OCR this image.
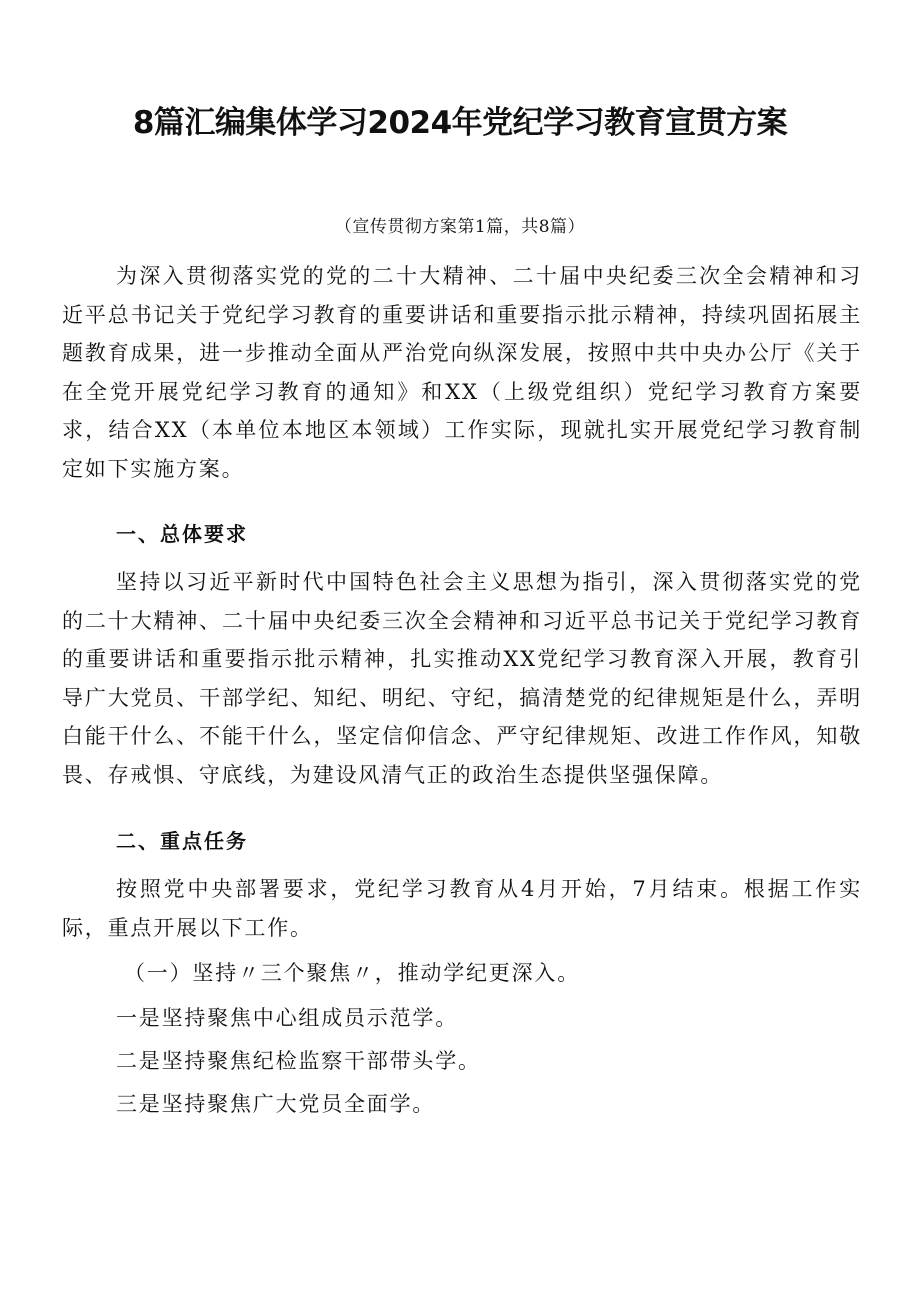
8篇汇编集体学习2024年党纪学习教育宣贯方案
（宣传贯彻方案第1篇，共8篇）

为深入贯彻落实党的党的二十大精神、二十届中央纪委三次全会精神和习近平总书记关于党纪学习教育的重要讲话和重要指示批示精神，持续巩固拓展主题教育成果，进一步推动全面从严治党向纵深发展，按照中共中央办公厅《关于在全党开展党纪学习教育的通知》和XX（上级党组织）党纪学习教育方案要求，结合XX（本单位本地区本领域）工作实际，现就扎实开展党纪学习教育制定如下实施方案。

一、总体要求

坚持以习近平新时代中国特色社会主义思想为指引，深入贯彻落实党的党的二十大精神、二十届中央纪委三次全会精神和习近平总书记关于党纪学习教育的重要讲话和重要指示批示精神，扎实推动XX党纪学习教育深入开展，教育引导广大党员、干部学纪、知纪、明纪、守纪，搞清楚党的纪律规矩是什么，弄明白能干什么、不能干什么，坚定信仰信念、严守纪律规矩、改进工作作风，知敬畏、存戒惧、守底线，为建设风清气正的政治生态提供坚强保障。

二、重点任务

按照党中央部署要求，党纪学习教育从4月开始，7月结束。根据工作实际，重点开展以下工作。

（一）坚持〃三个聚焦〃，推动学纪更深入。

一是坚持聚焦中心组成员示范学。

二是坚持聚焦纪检监察干部带头学。

三是坚持聚焦广大党员全面学。
